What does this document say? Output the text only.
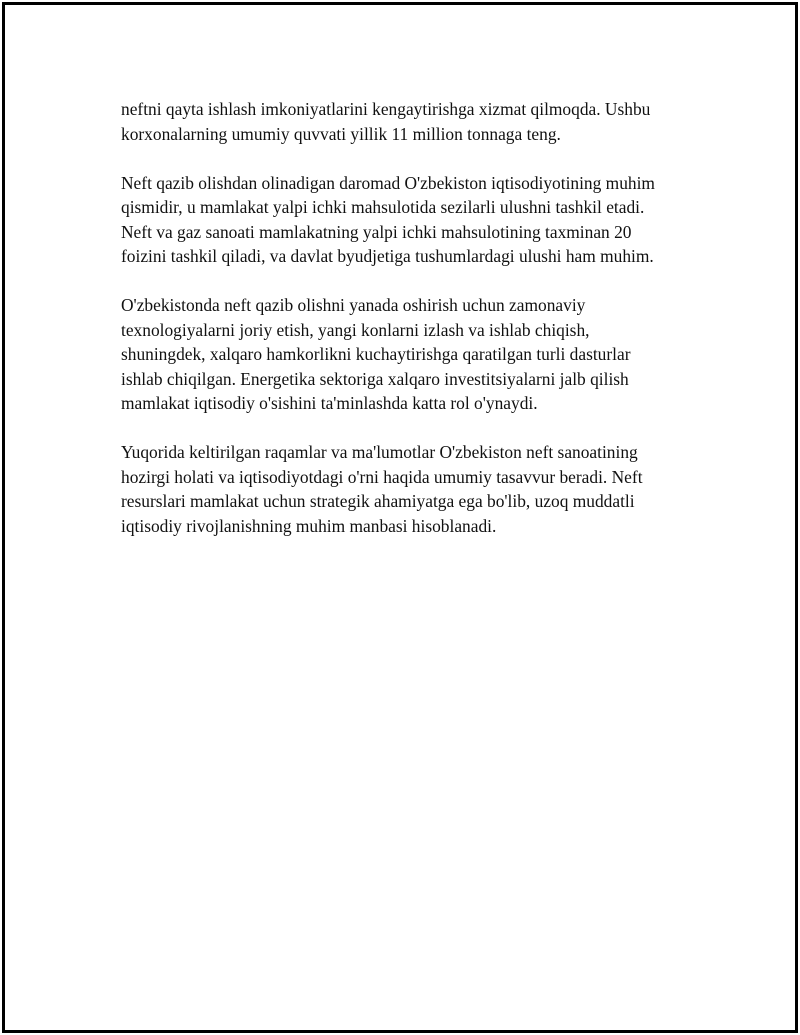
neftni qayta ishlash imkoniyatlarini kengaytirishga xizmat qilmoqda. Ushbu
korxonalarning umumiy quvvati yillik 11 million tonnaga teng.

Neft qazib olishdan olinadigan daromad O'zbekiston iqtisodiyotining muhim
qismidir, u mamlakat yalpi ichki mahsulotida sezilarli ulushni tashkil etadi.
Neft va gaz sanoati mamlakatning yalpi ichki mahsulotining taxminan 20
foizini tashkil qiladi, va davlat byudjetiga tushumlardagi ulushi ham muhim.

O'zbekistonda neft qazib olishni yanada oshirish uchun zamonaviy
texnologiyalarni joriy etish, yangi konlarni izlash va ishlab chiqish,
shuningdek, xalqaro hamkorlikni kuchaytirishga qaratilgan turli dasturlar
ishlab chiqilgan. Energetika sektoriga xalqaro investitsiyalarni jalb qilish
mamlakat iqtisodiy o'sishini ta'minlashda katta rol o'ynaydi.

Yuqorida keltirilgan raqamlar va ma'lumotlar O'zbekiston neft sanoatining
hozirgi holati va iqtisodiyotdagi o'rni haqida umumiy tasavvur beradi. Neft
resurslari mamlakat uchun strategik ahamiyatga ega bo'lib, uzoq muddatli
iqtisodiy rivojlanishning muhim manbasi hisoblanadi.
